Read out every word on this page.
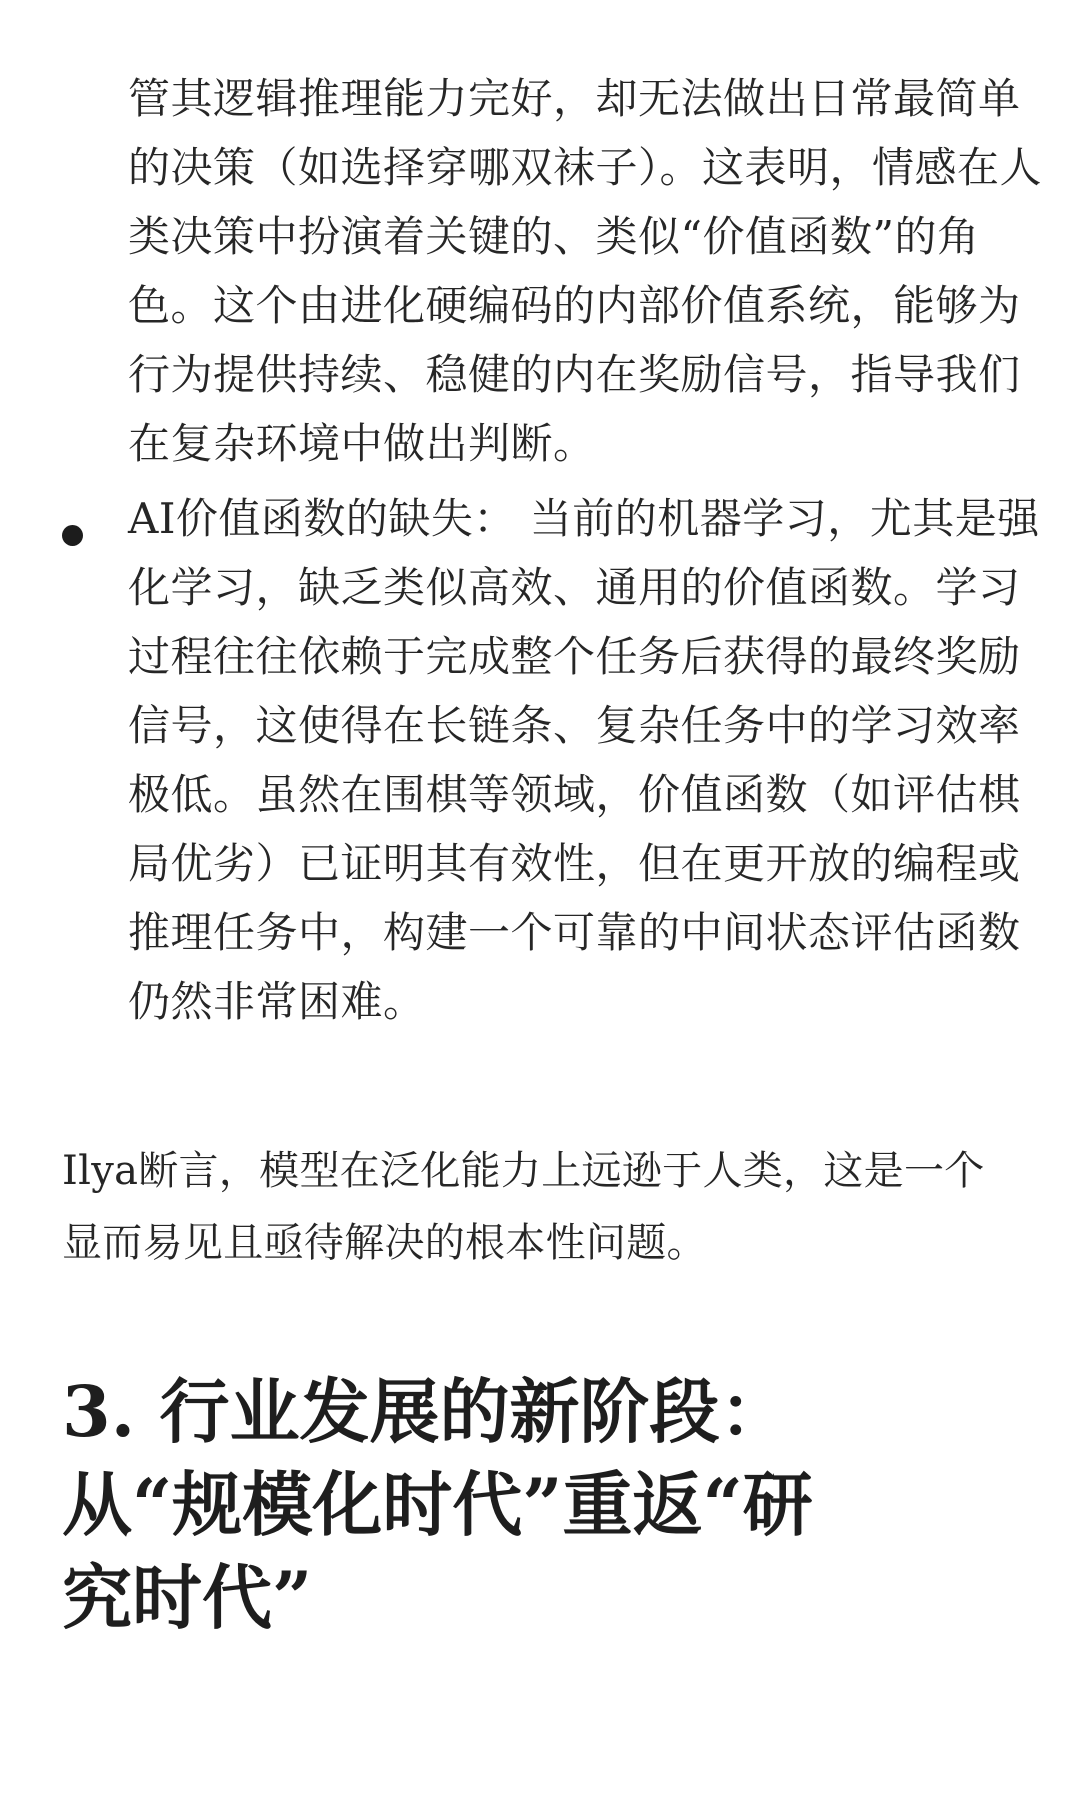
管其逻辑推理能力完好，却无法做出日常最简单
的决策（如选择穿哪双袜子）。这表明，情感在人
类决策中扮演着关键的、类似“价值函数”的角
色。这个由进化硬编码的内部价值系统，能够为
行为提供持续、稳健的内在奖励信号，指导我们
在复杂环境中做出判断。

AI价值函数的缺失： 当前的机器学习，尤其是强
化学习，缺乏类似高效、通用的价值函数。学习
过程往往依赖于完成整个任务后获得的最终奖励
信号，这使得在长链条、复杂任务中的学习效率
极低。虽然在围棋等领域，价值函数（如评估棋
局优劣）已证明其有效性，但在更开放的编程或
推理任务中，构建一个可靠的中间状态评估函数
仍然非常困难。

Ilya断言，模型在泛化能力上远逊于人类，这是一个
显而易见且亟待解决的根本性问题。

3. 行业发展的新阶段：
从“规模化时代”重返“研
究时代”
